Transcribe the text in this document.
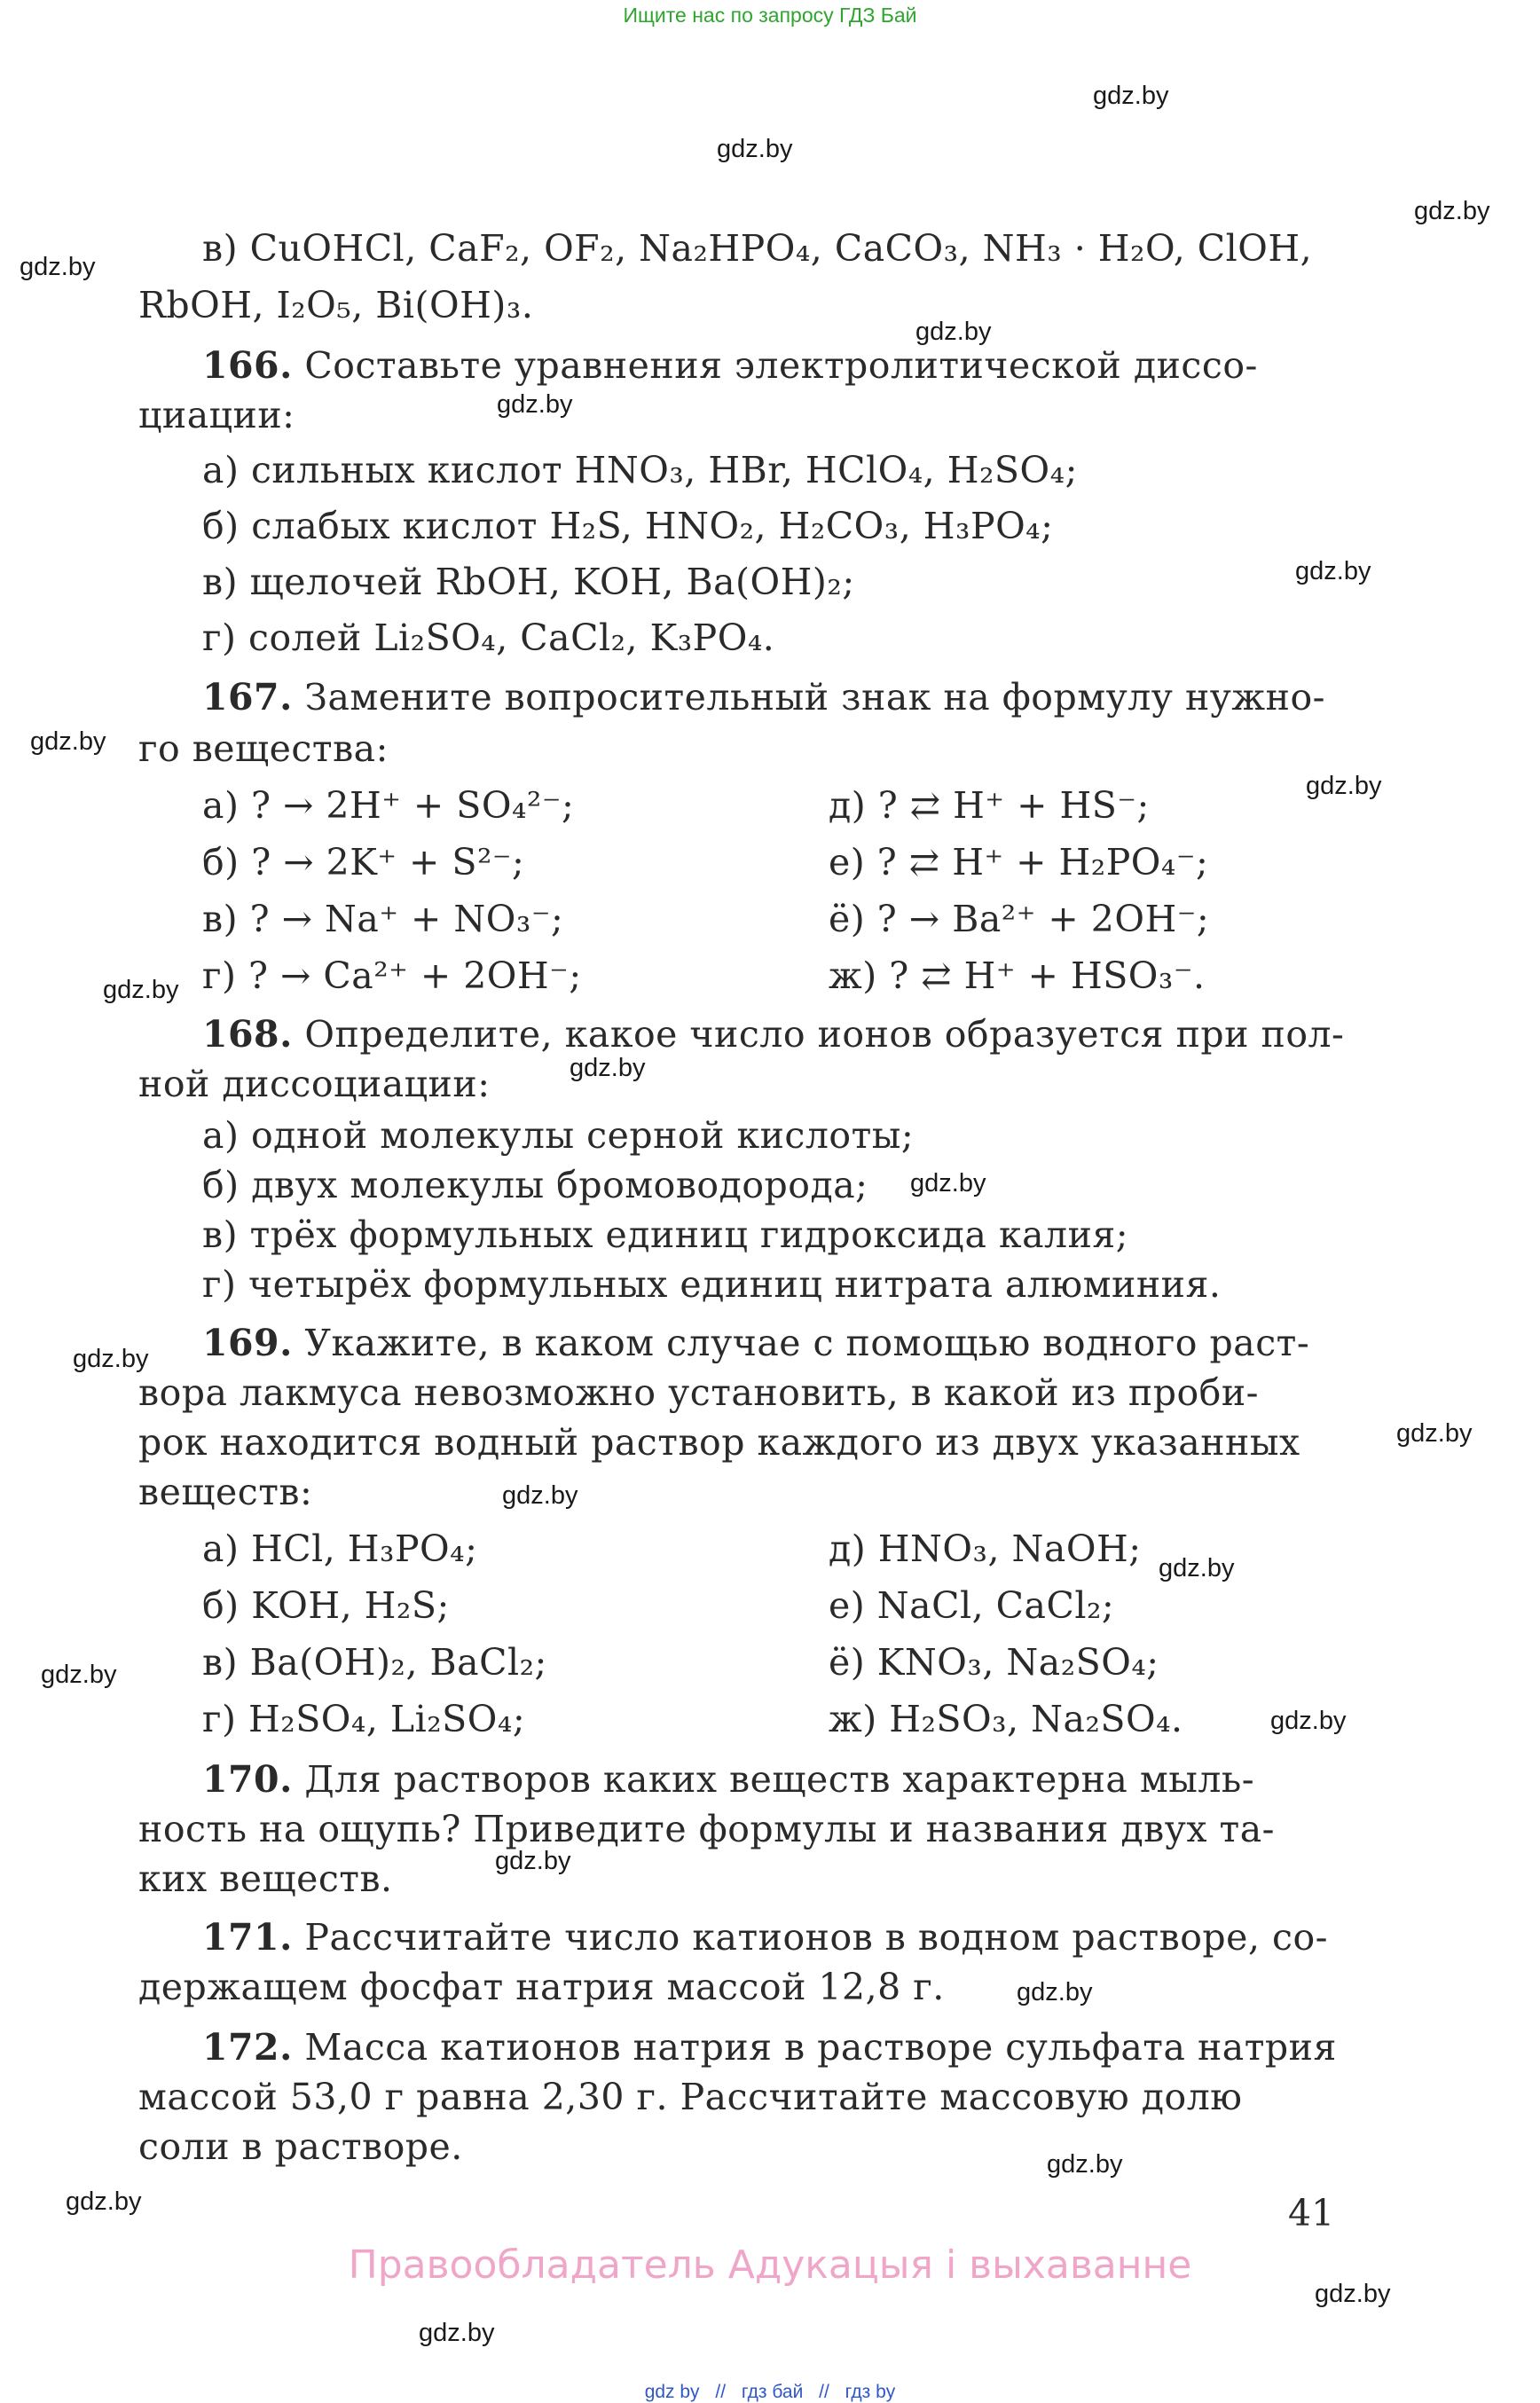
Ищите нас по запросу ГДЗ Бай
gdz.by
gdz.by
gdz.by
gdz.by
gdz.by
gdz.by
gdz.by
gdz.by
gdz.by
gdz.by
gdz.by
gdz.by
gdz.by
gdz.by
gdz.by
gdz.by
gdz.by
gdz.by
gdz.by
gdz.by
gdz.by
gdz.by
gdz.by
gdz.by
в) CuOHCl, CaF₂, OF₂, Na₂HPO₄, CaCO₃, NH₃ · H₂O, ClOH,
RbOH, I₂O₅, Bi(OH)₃.
166. Составьте уравнения электролитической диссо-
циации:
а) сильных кислот HNO₃, HBr, HClO₄, H₂SO₄;
б) слабых кислот H₂S, HNO₂, H₂CO₃, H₃PO₄;
в) щелочей RbOH, KOH, Ba(OH)₂;
г) солей Li₂SO₄, CaCl₂, K₃PO₄.
167. Замените вопросительный знак на формулу нужно-
го вещества:
а) ? → 2H⁺ + SO₄²⁻;
б) ? → 2K⁺ + S²⁻;
в) ? → Na⁺ + NO₃⁻;
г) ? → Ca²⁺ + 2OH⁻;
д) ? ⇄ H⁺ + HS⁻;
е) ? ⇄ H⁺ + H₂PO₄⁻;
ё) ? → Ba²⁺ + 2OH⁻;
ж) ? ⇄ H⁺ + HSO₃⁻.
168. Определите, какое число ионов образуется при пол-
ной диссоциации:
а) одной молекулы серной кислоты;
б) двух молекулы бромоводорода;
в) трёх формульных единиц гидроксида калия;
г) четырёх формульных единиц нитрата алюминия.
169. Укажите, в каком случае с помощью водного раст-
вора лакмуса невозможно установить, в какой из проби-
рок находится водный раствор каждого из двух указанных
веществ:
а) HCl, H₃PO₄;
б) KOH, H₂S;
в) Ba(OH)₂, BaCl₂;
г) H₂SO₄, Li₂SO₄;
д) HNO₃, NaOH;
е) NaCl, CaCl₂;
ё) KNO₃, Na₂SO₄;
ж) H₂SO₃, Na₂SO₄.
170. Для растворов каких веществ характерна мыль-
ность на ощупь? Приведите формулы и названия двух та-
ких веществ.
171. Рассчитайте число катионов в водном растворе, со-
держащем фосфат натрия массой 12,8 г.
172. Масса катионов натрия в растворе сульфата натрия
массой 53,0 г равна 2,30 г. Рассчитайте массовую долю
соли в растворе.
41
Правообладатель Адукацыя і выхаванне
gdz by // гдз бай // гдз by
